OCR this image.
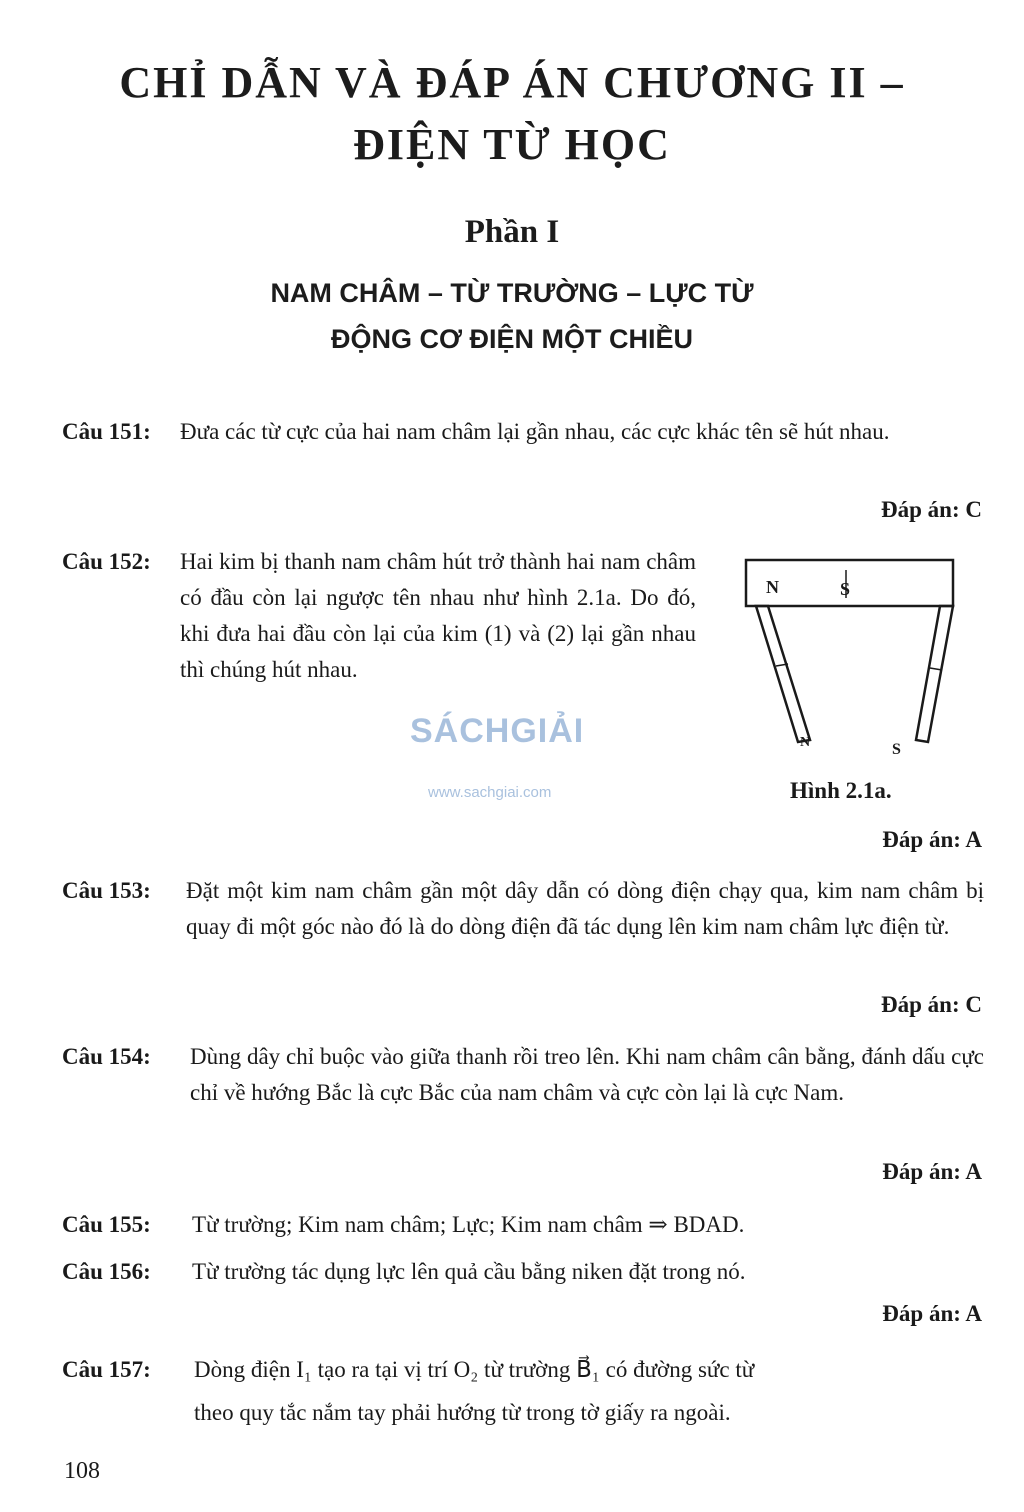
CHỈ DẪN VÀ ĐÁP ÁN CHƯƠNG II –
ĐIỆN TỪ HỌC
Phần I
NAM CHÂM – TỪ TRƯỜNG – LỰC TỪ
ĐỘNG CƠ ĐIỆN MỘT CHIỀU
Câu 151: Đưa các từ cực của hai nam châm lại gần nhau, các cực khác tên sẽ hút nhau.
Đáp án: C
Câu 152: Hai kim bị thanh nam châm hút trở thành hai nam châm có đầu còn lại ngược tên nhau như hình 2.1a. Do đó, khi đưa hai đầu còn lại của kim (1) và (2) lại gần nhau thì chúng hút nhau.
N	S
N	S
Hình 2.1a.
SÁCHGIẢI
www.sachgiai.com
Đáp án: A
Câu 153: Đặt một kim nam châm gần một dây dẫn có dòng điện chạy qua, kim nam châm bị quay đi một góc nào đó là do dòng điện đã tác dụng lên kim nam châm lực điện từ.
Đáp án: C
Câu 154: Dùng dây chỉ buộc vào giữa thanh rồi treo lên. Khi nam châm cân bằng, đánh dấu cực chỉ về hướng Bắc là cực Bắc của nam châm và cực còn lại là cực Nam.
Đáp án: A
Câu 155: Từ trường; Kim nam châm; Lực; Kim nam châm ⇒ BDAD.
Câu 156: Từ trường tác dụng lực lên quả cầu bằng niken đặt trong nó.
Đáp án: A
Câu 157: Dòng điện I₁ tạo ra tại vị trí O₂ từ trường B⃗₁ có đường sức từ
theo quy tắc nắm tay phải hướng từ trong tờ giấy ra ngoài.
108
